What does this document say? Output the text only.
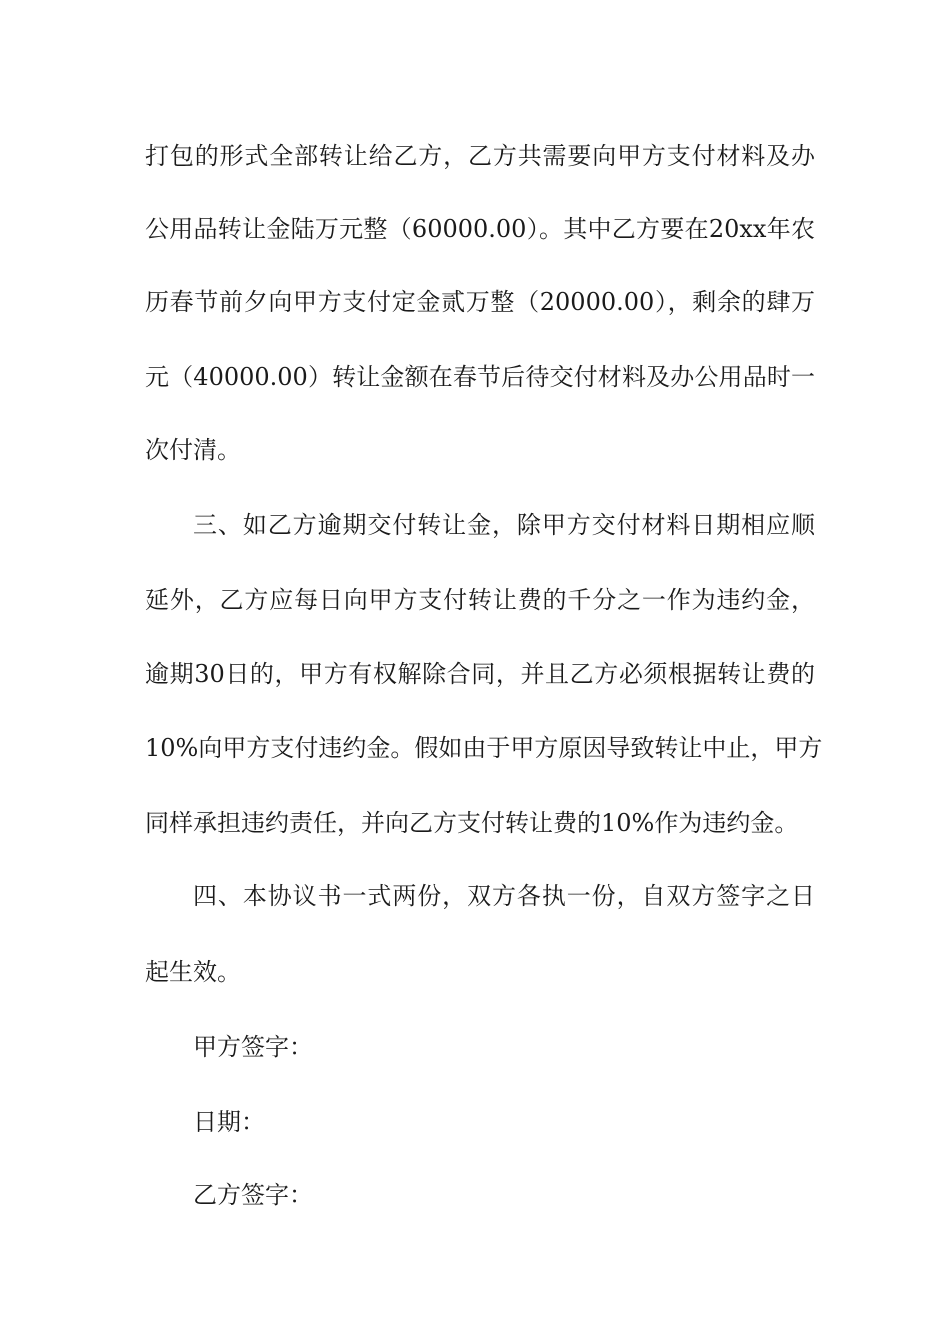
打包的形式全部转让给乙方，乙方共需要向甲方支付材料及办
公用品转让金陆万元整（60000.00）。其中乙方要在20xx年农
历春节前夕向甲方支付定金贰万整（20000.00），剩余的肆万
元（40000.00）转让金额在春节后待交付材料及办公用品时一
次付清。
三、如乙方逾期交付转让金，除甲方交付材料日期相应顺
延外，乙方应每日向甲方支付转让费的千分之一作为违约金，
逾期30日的，甲方有权解除合同，并且乙方必须根据转让费的
10%向甲方支付违约金。假如由于甲方原因导致转让中止，甲方
同样承担违约责任，并向乙方支付转让费的10%作为违约金。
四、本协议书一式两份，双方各执一份，自双方签字之日
起生效。
甲方签字：
日期：
乙方签字：
